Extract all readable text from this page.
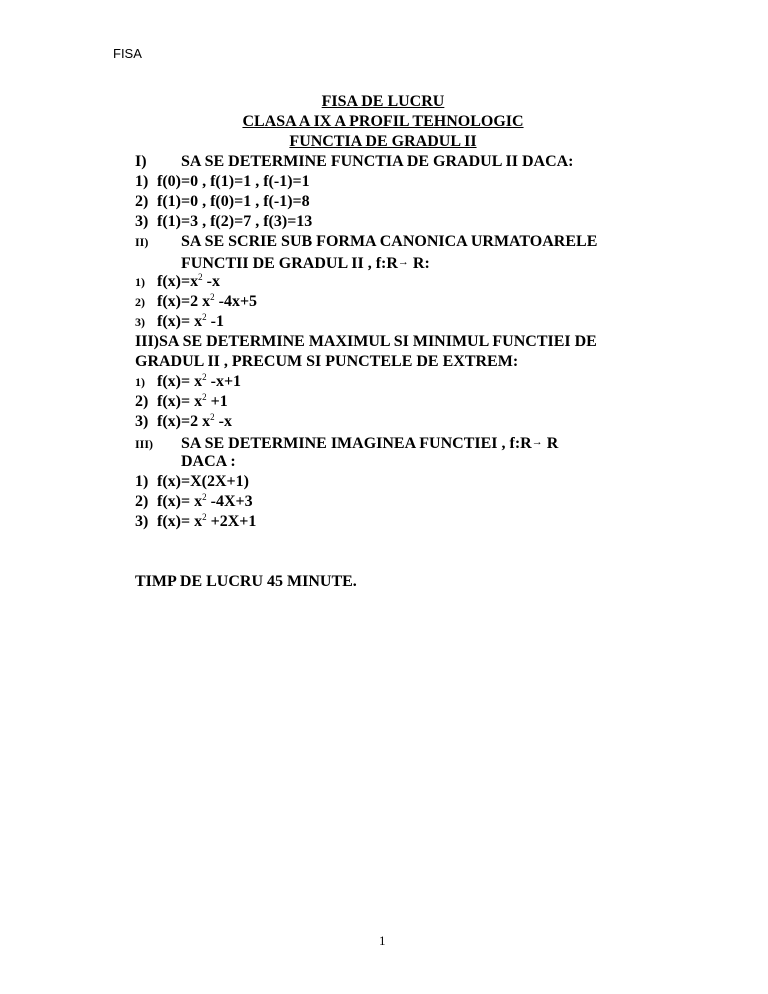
FISA
FISA DE LUCRU
CLASA A IX A PROFIL TEHNOLOGIC
FUNCTIA DE GRADUL II
I) SA SE DETERMINE FUNCTIA DE GRADUL II DACA:
1) f(0)=0 , f(1)=1 , f(-1)=1
2) f(1)=0 , f(0)=1 , f(-1)=8
3) f(1)=3 , f(2)=7 , f(3)=13
II) SA SE SCRIE SUB FORMA CANONICA URMATOARELE
FUNCTII DE GRADUL II , f:R→ R:
1) $f(x)=x^2$ -x
2) f(x)=2 $x^2$ -4x+5
3) $f(x)= x^2$ -1
III)SA SE DETERMINE MAXIMUL SI MINIMUL FUNCTIEI DE
GRADUL II , PRECUM SI PUNCTELE DE EXTREM:
1) $f(x)= x^2$ -x+1
2) $f(x)= x^2 +1$
3) f(x)=2 $x^2$ -x
III) SA SE DETERMINE IMAGINEA FUNCTIEI , f:R→ R
DACA :
1) f(x)=X(2X+1)
2) $f(x)= x^2$ -4X+3
3) $f(x)= x^2 +2X+1$
TIMP DE LUCRU 45 MINUTE.
1
